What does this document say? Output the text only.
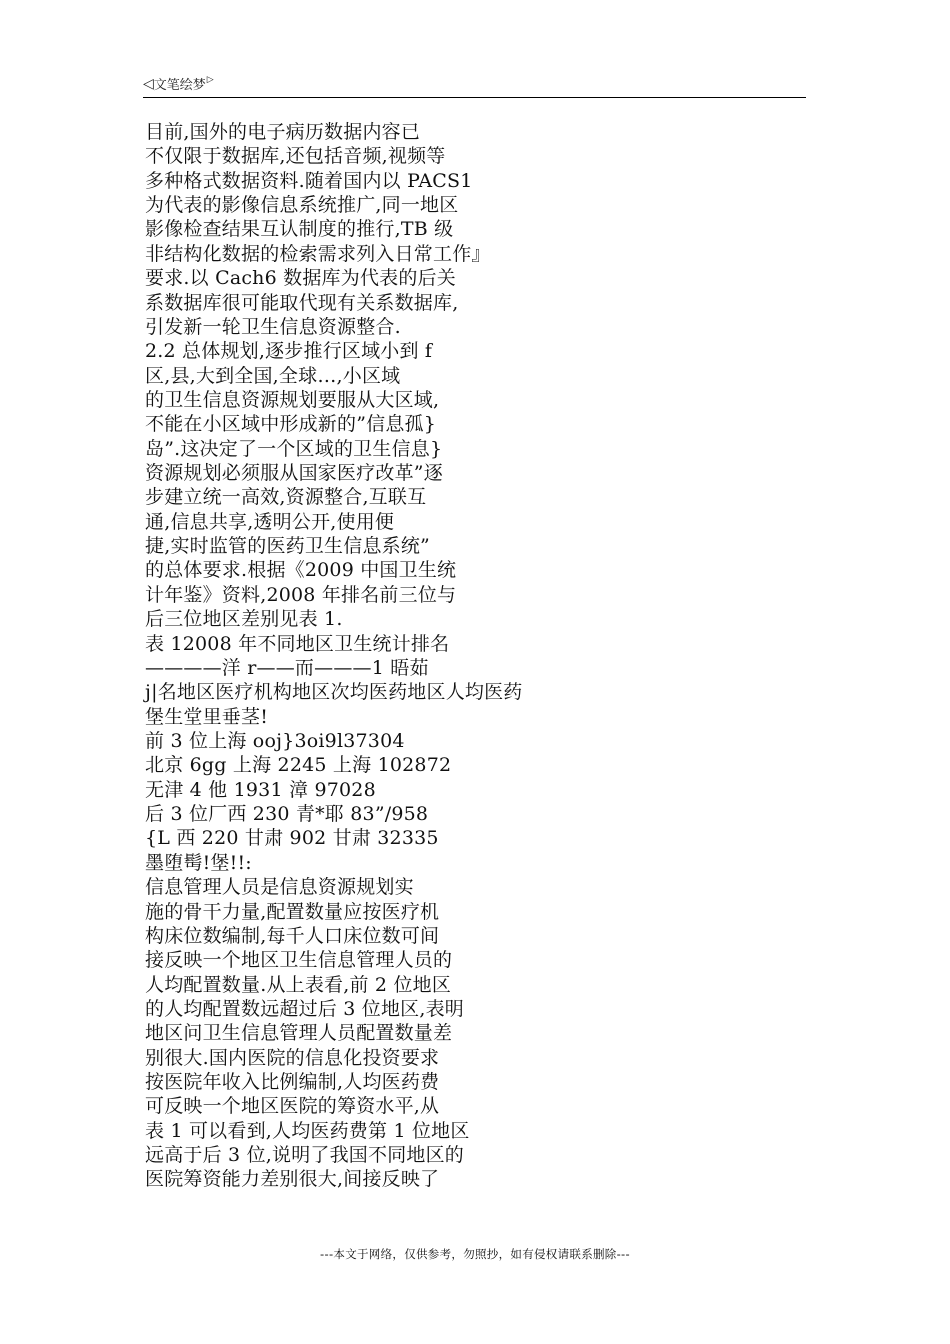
◁ 文笔绘梦 ▷
目前,国外的电子病历数据内容已
不仅限于数据库,还包括音频,视频等
多种格式数据资料.随着国内以 PACS1
为代表的影像信息系统推广,同一地区
影像检查结果互认制度的推行,TB 级
非结构化数据的检索需求列入日常工作』
要求.以 Cach6 数据库为代表的后关
系数据库很可能取代现有关系数据库,
引发新一轮卫生信息资源整合.
2.2 总体规划,逐步推行区域小到 f
区,县,大到全国,全球…,小区域
的卫生信息资源规划要服从大区域,
不能在小区域中形成新的”信息孤}
岛”.这决定了一个区域的卫生信息}
资源规划必须服从国家医疗改革”逐
步建立统一高效,资源整合,互联互
通,信息共享,透明公开,使用便
捷,实时监管的医药卫生信息系统”
的总体要求.根据《2009 中国卫生统
计年鉴》资料,2008 年排名前三位与
后三位地区差别见表 1.
表 12008 年不同地区卫生统计排名
————洋 r——而———1 晤茹
j|名地区医疗机构地区次均医药地区人均医药
堡生堂里垂茎!
前 3 位上海 ooj}3oi9l37304
北京 6gg 上海 2245 上海 102872
无津 4 他 1931 漳 97028
后 3 位厂西 230 青*耶 83”/958
{L 西 220 甘肃 902 甘肃 32335
墨堕髩!堡!!:
信息管理人员是信息资源规划实
施的骨干力量,配置数量应按医疗机
构床位数编制,每千人口床位数可间
接反映一个地区卫生信息管理人员的
人均配置数量.从上表看,前 2 位地区
的人均配置数远超过后 3 位地区,表明
地区问卫生信息管理人员配置数量差
别很大.国内医院的信息化投资要求
按医院年收入比例编制,人均医药费
可反映一个地区医院的筹资水平,从
表 1 可以看到,人均医药费第 1 位地区
远高于后 3 位,说明了我国不同地区的
医院筹资能力差别很大,间接反映了
---本文于网络，仅供参考，勿照抄，如有侵权请联系删除---
